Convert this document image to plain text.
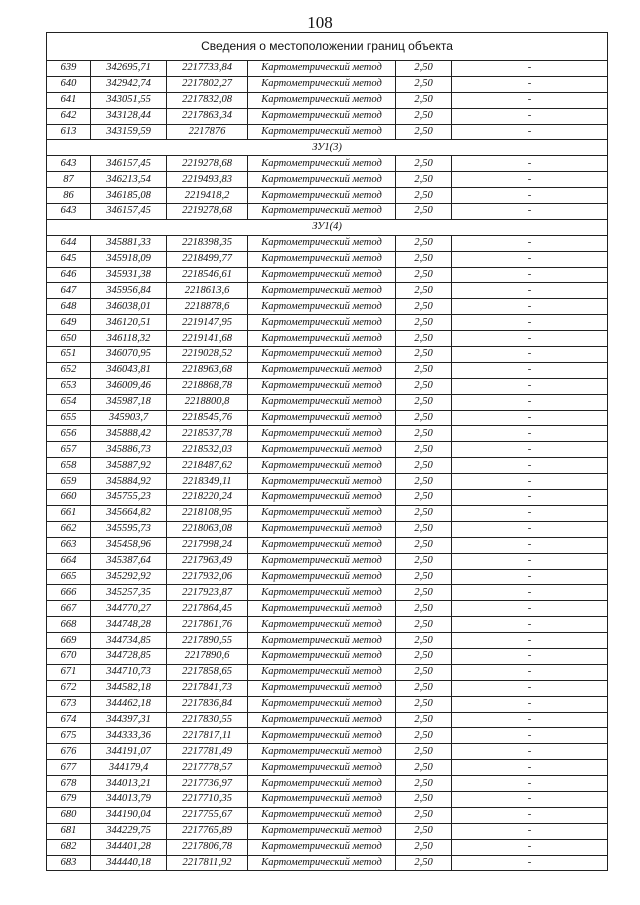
108
Сведения о местоположении границ объекта					
639	342695,71	2217733,84	Картометрический метод	2,50	-
640	342942,74	2217802,27	Картометрический метод	2,50	-
641	343051,55	2217832,08	Картометрический метод	2,50	-
642	343128,44	2217863,34	Картометрический метод	2,50	-
613	343159,59	2217876	Картометрический метод	2,50	-
ЗУ1(3)					
643	346157,45	2219278,68	Картометрический метод	2,50	-
87	346213,54	2219493,83	Картометрический метод	2,50	-
86	346185,08	2219418,2	Картометрический метод	2,50	-
643	346157,45	2219278,68	Картометрический метод	2,50	-
ЗУ1(4)					
644	345881,33	2218398,35	Картометрический метод	2,50	-
645	345918,09	2218499,77	Картометрический метод	2,50	-
646	345931,38	2218546,61	Картометрический метод	2,50	-
647	345956,84	2218613,6	Картометрический метод	2,50	-
648	346038,01	2218878,6	Картометрический метод	2,50	-
649	346120,51	2219147,95	Картометрический метод	2,50	-
650	346118,32	2219141,68	Картометрический метод	2,50	-
651	346070,95	2219028,52	Картометрический метод	2,50	-
652	346043,81	2218963,68	Картометрический метод	2,50	-
653	346009,46	2218868,78	Картометрический метод	2,50	-
654	345987,18	2218800,8	Картометрический метод	2,50	-
655	345903,7	2218545,76	Картометрический метод	2,50	-
656	345888,42	2218537,78	Картометрический метод	2,50	-
657	345886,73	2218532,03	Картометрический метод	2,50	-
658	345887,92	2218487,62	Картометрический метод	2,50	-
659	345884,92	2218349,11	Картометрический метод	2,50	-
660	345755,23	2218220,24	Картометрический метод	2,50	-
661	345664,82	2218108,95	Картометрический метод	2,50	-
662	345595,73	2218063,08	Картометрический метод	2,50	-
663	345458,96	2217998,24	Картометрический метод	2,50	-
664	345387,64	2217963,49	Картометрический метод	2,50	-
665	345292,92	2217932,06	Картометрический метод	2,50	-
666	345257,35	2217923,87	Картометрический метод	2,50	-
667	344770,27	2217864,45	Картометрический метод	2,50	-
668	344748,28	2217861,76	Картометрический метод	2,50	-
669	344734,85	2217890,55	Картометрический метод	2,50	-
670	344728,85	2217890,6	Картометрический метод	2,50	-
671	344710,73	2217858,65	Картометрический метод	2,50	-
672	344582,18	2217841,73	Картометрический метод	2,50	-
673	344462,18	2217836,84	Картометрический метод	2,50	-
674	344397,31	2217830,55	Картометрический метод	2,50	-
675	344333,36	2217817,11	Картометрический метод	2,50	-
676	344191,07	2217781,49	Картометрический метод	2,50	-
677	344179,4	2217778,57	Картометрический метод	2,50	-
678	344013,21	2217736,97	Картометрический метод	2,50	-
679	344013,79	2217710,35	Картометрический метод	2,50	-
680	344190,04	2217755,67	Картометрический метод	2,50	-
681	344229,75	2217765,89	Картометрический метод	2,50	-
682	344401,28	2217806,78	Картометрический метод	2,50	-
683	344440,18	2217811,92	Картометрический метод	2,50	-
